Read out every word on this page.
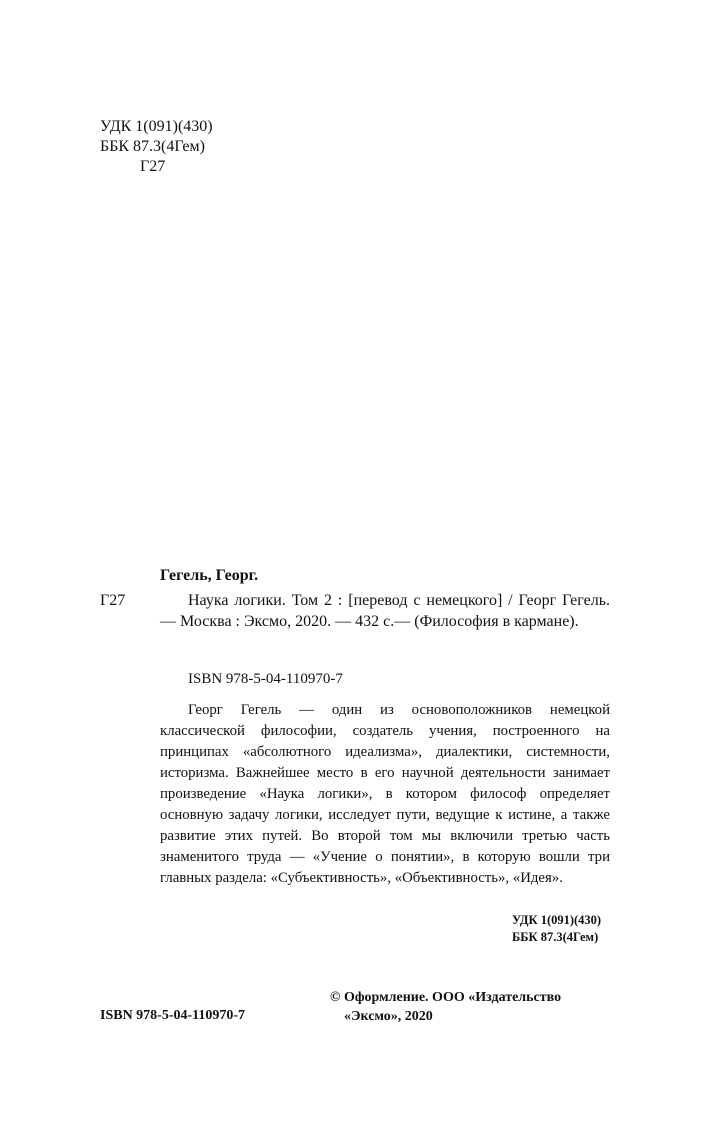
УДК 1(091)(430)
ББК 87.3(4Гем)
Г27
Гегель, Георг.
Г27	Наука логики. Том 2 : [перевод с немецкого] / Георг Гегель. — Москва : Эксмо, 2020. — 432 с.— (Философия в кармане).
ISBN 978-5-04-110970-7
Георг Гегель — один из основоположников немецкой классической философии, создатель учения, построенного на принципах «абсолютного идеализма», диалектики, системности, историзма. Важнейшее место в его научной деятельности занимает произведение «Наука логики», в котором философ определяет основную задачу логики, исследует пути, ведущие к истине, а также развитие этих путей. Во второй том мы включили третью часть знаменитого труда — «Учение о понятии», в которую вошли три главных раздела: «Субъективность», «Объективность», «Идея».
УДК 1(091)(430)
ББК 87.3(4Гем)
© Оформление. ООО «Издательство
«Эксмо», 2020
ISBN 978-5-04-110970-7
